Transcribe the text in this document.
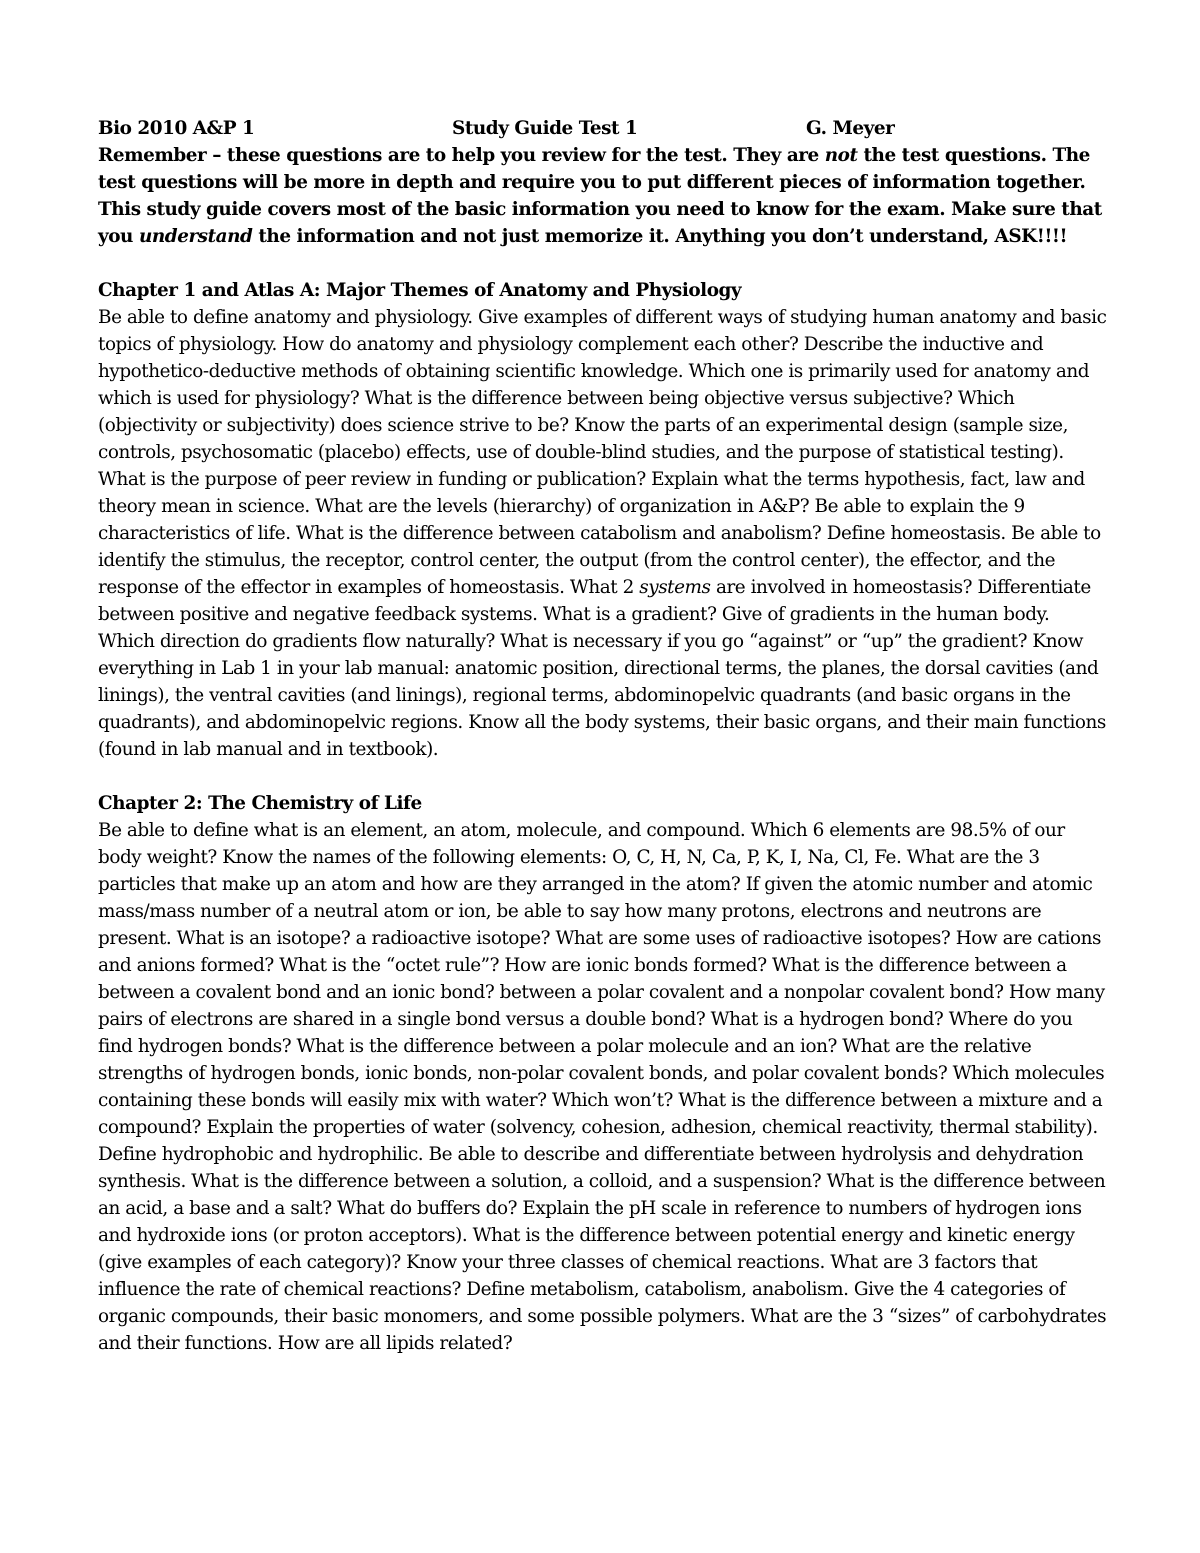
Bio 2010 A&P 1	Study Guide Test 1	G. Meyer

Remember – these questions are to help you review for the test. They are not the test questions. The test questions will be more in depth and require you to put different pieces of information together. This study guide covers most of the basic information you need to know for the exam. Make sure that you understand the information and not just memorize it. Anything you don’t understand, ASK!!!!

Chapter 1 and Atlas A: Major Themes of Anatomy and Physiology

Be able to define anatomy and physiology. Give examples of different ways of studying human anatomy and basic topics of physiology. How do anatomy and physiology complement each other? Describe the inductive and hypothetico-deductive methods of obtaining scientific knowledge. Which one is primarily used for anatomy and which is used for physiology? What is the difference between being objective versus subjective? Which (objectivity or subjectivity) does science strive to be? Know the parts of an experimental design (sample size, controls, psychosomatic (placebo) effects, use of double-blind studies, and the purpose of statistical testing). What is the purpose of peer review in funding or publication? Explain what the terms hypothesis, fact, law and theory mean in science. What are the levels (hierarchy) of organization in A&P? Be able to explain the 9 characteristics of life. What is the difference between catabolism and anabolism? Define homeostasis. Be able to identify the stimulus, the receptor, control center, the output (from the control center), the effector, and the response of the effector in examples of homeostasis. What 2 systems are involved in homeostasis? Differentiate between positive and negative feedback systems. What is a gradient? Give of gradients in the human body. Which direction do gradients flow naturally? What is necessary if you go “against” or “up” the gradient? Know everything in Lab 1 in your lab manual: anatomic position, directional terms, the planes, the dorsal cavities (and linings), the ventral cavities (and linings), regional terms, abdominopelvic quadrants (and basic organs in the quadrants), and abdominopelvic regions. Know all the body systems, their basic organs, and their main functions (found in lab manual and in textbook).

Chapter 2: The Chemistry of Life

Be able to define what is an element, an atom, molecule, and compound. Which 6 elements are 98.5% of our body weight? Know the names of the following elements: O, C, H, N, Ca, P, K, I, Na, Cl, Fe. What are the 3 particles that make up an atom and how are they arranged in the atom? If given the atomic number and atomic mass/mass number of a neutral atom or ion, be able to say how many protons, electrons and neutrons are present. What is an isotope? a radioactive isotope? What are some uses of radioactive isotopes? How are cations and anions formed? What is the “octet rule”? How are ionic bonds formed? What is the difference between a between a covalent bond and an ionic bond? between a polar covalent and a nonpolar covalent bond? How many pairs of electrons are shared in a single bond versus a double bond? What is a hydrogen bond? Where do you find hydrogen bonds? What is the difference between a polar molecule and an ion? What are the relative strengths of hydrogen bonds, ionic bonds, non-polar covalent bonds, and polar covalent bonds? Which molecules containing these bonds will easily mix with water? Which won’t? What is the difference between a mixture and a compound? Explain the properties of water (solvency, cohesion, adhesion, chemical reactivity, thermal stability). Define hydrophobic and hydrophilic. Be able to describe and differentiate between hydrolysis and dehydration synthesis. What is the difference between a solution, a colloid, and a suspension? What is the difference between an acid, a base and a salt? What do buffers do? Explain the pH scale in reference to numbers of hydrogen ions and hydroxide ions (or proton acceptors). What is the difference between potential energy and kinetic energy (give examples of each category)? Know your three classes of chemical reactions. What are 3 factors that influence the rate of chemical reactions? Define metabolism, catabolism, anabolism. Give the 4 categories of organic compounds, their basic monomers, and some possible polymers. What are the 3 “sizes” of carbohydrates and their functions. How are all lipids related?
